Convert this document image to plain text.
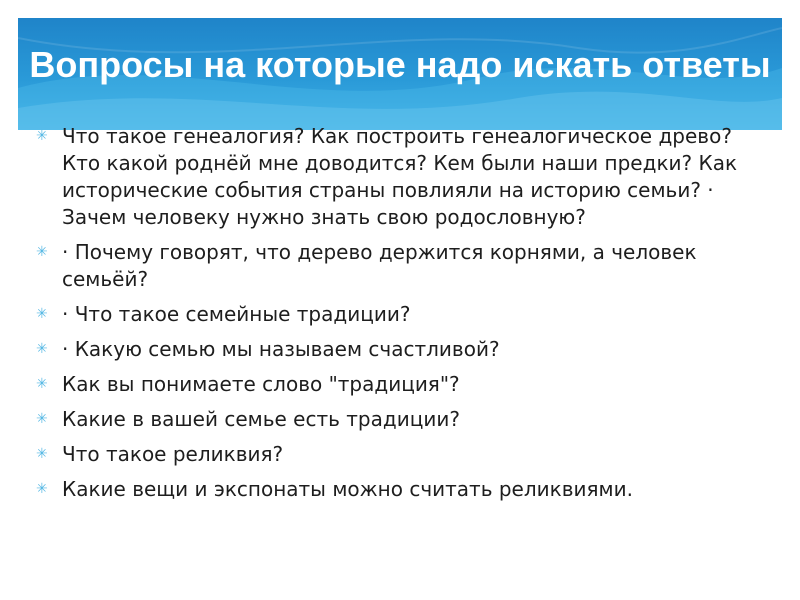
Вопросы на которые надо искать ответы
✳ Что такое генеалогия? Как построить генеалогическое древо? Кто какой роднёй мне доводится? Кем были наши предки? Как исторические события страны повлияли на историю семьи? · Зачем человеку нужно знать свою родословную?
✳ · Почему говорят, что дерево держится корнями, а человек семьёй?
✳ · Что такое семейные традиции?
✳ · Какую семью мы называем счастливой?
✳ Как вы понимаете слово "традиция"?
✳ Какие в вашей семье есть традиции?
✳ Что такое реликвия?
✳ Какие вещи и экспонаты можно считать реликвиями.
